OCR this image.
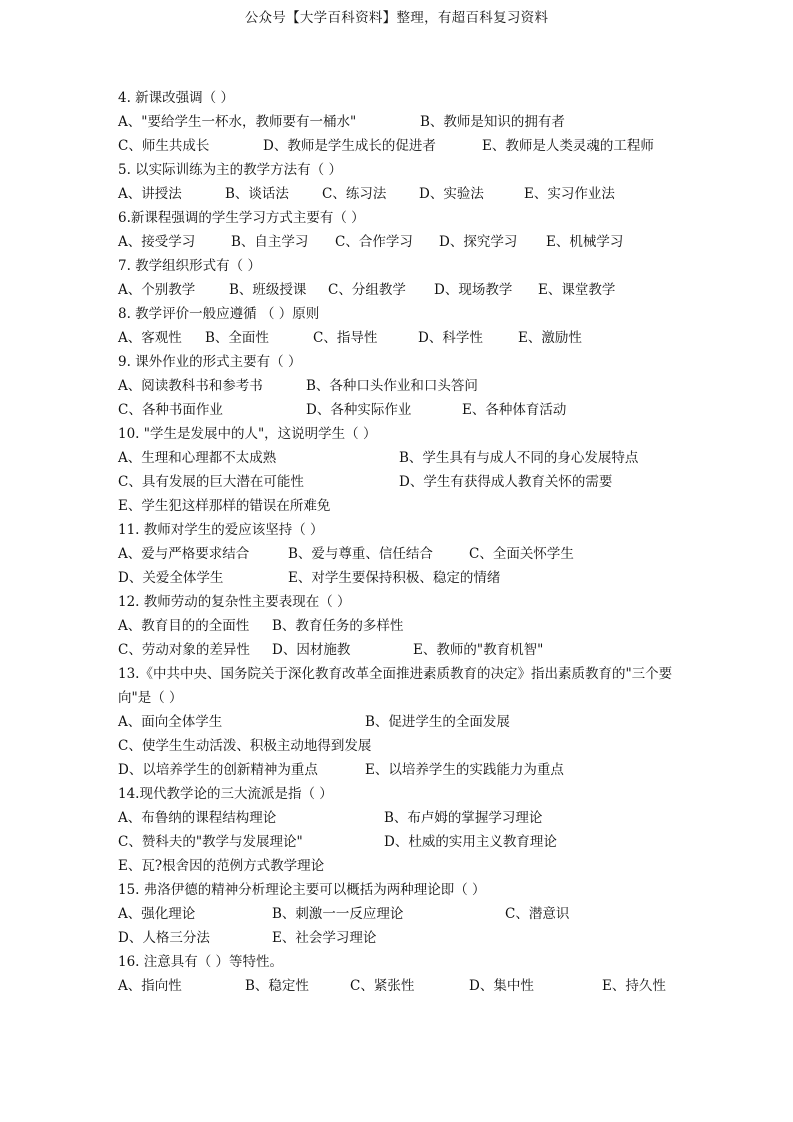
公众号【大学百科资料】整理，有超百科复习资料
4. 新课改强调（ ）
A、"要给学生一杯水，教师要有一桶水"	B、教师是知识的拥有者
C、师生共成长	D、教师是学生成长的促进者	E、教师是人类灵魂的工程师
5. 以实际训练为主的教学方法有（ ）
A、讲授法	B、谈话法 C、练习法 D、实验法	E、实习作业法
6.新课程强调的学生学习方式主要有（ ）
A、接受学习	B、自主学习 C、合作学习 D、探究学习 E、机械学习
7. 教学组织形式有（ ）
A、个别教学	B、班级授课 C、分组教学 D、现场教学 E、课堂教学
8. 教学评价一般应遵循 （ ）原则
A、客观性 B、全面性	C、指导性	D、科学性	E、激励性
9. 课外作业的形式主要有（ ）
A、阅读教科书和参考书	B、各种口头作业和口头答问
C、各种书面作业	D、各种实际作业	E、各种体育活动
10. "学生是发展中的人"，这说明学生（ ）
A、生理和心理都不太成熟	B、学生具有与成人不同的身心发展特点
C、具有发展的巨大潜在可能性	D、学生有获得成人教育关怀的需要
E、学生犯这样那样的错误在所难免
11. 教师对学生的爱应该坚持（ ）
A、爱与严格要求结合	B、爱与尊重、信任结合	C、全面关怀学生
D、关爱全体学生	E、对学生要保持积极、稳定的情绪
12. 教师劳动的复杂性主要表现在（ ）
A、教育目的的全面性 B、教育任务的多样性
C、劳动对象的差异性 D、因材施教	E、教师的"教育机智"
13.《中共中央、国务院关于深化教育改革全面推进素质教育的决定》指出素质教育的"三个要向"是（ ）
A、面向全体学生	B、促进学生的全面发展
C、使学生生动活泼、积极主动地得到发展
D、以培养学生的创新精神为重点	E、以培养学生的实践能力为重点
14.现代教学论的三大流派是指（ ）
A、布鲁纳的课程结构理论	B、布卢姆的掌握学习理论
C、赞科夫的"教学与发展理论"	D、杜威的实用主义教育理论
E、瓦?根舍因的范例方式教学理论
15. 弗洛伊德的精神分析理论主要可以概括为两种理论即（ ）
A、强化理论	B、刺激一一反应理论	C、潜意识
D、人格三分法	E、社会学习理论
16. 注意具有（ ）等特性。
A、指向性	B、稳定性	C、紧张性	D、集中性	E、持久性
